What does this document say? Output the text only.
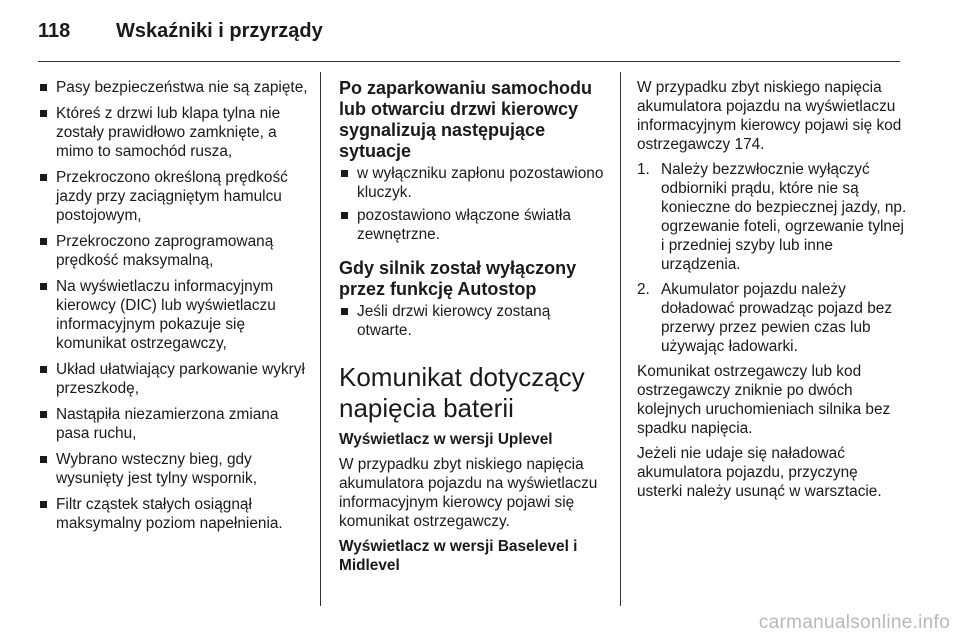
118	Wskaźniki i przyrządy
Pasy bezpieczeństwa nie są zapięte,
Któreś z drzwi lub klapa tylna nie zostały prawidłowo zamknięte, a mimo to samochód rusza,
Przekroczono określoną prędkość jazdy przy zaciągniętym hamulcu postojowym,
Przekroczono zaprogramowaną prędkość maksymalną,
Na wyświetlaczu informacyjnym kierowcy (DIC) lub wyświetlaczu informacyjnym pokazuje się komunikat ostrzegawczy,
Układ ułatwiający parkowanie wykrył przeszkodę,
Nastąpiła niezamierzona zmiana pasa ruchu,
Wybrano wsteczny bieg, gdy wysunięty jest tylny wspornik,
Filtr cząstek stałych osiągnął maksymalny poziom napełnienia.
Po zaparkowaniu samochodu lub otwarciu drzwi kierowcy sygnalizują następujące sytuacje
w wyłączniku zapłonu pozostawiono kluczyk.
pozostawiono włączone światła zewnętrzne.
Gdy silnik został wyłączony przez funkcję Autostop
Jeśli drzwi kierowcy zostaną otwarte.
Komunikat dotyczący napięcia baterii
Wyświetlacz w wersji Uplevel

W przypadku zbyt niskiego napięcia akumulatora pojazdu na wyświetlaczu informacyjnym kierowcy pojawi się komunikat ostrzegawczy.

Wyświetlacz w wersji Baselevel i Midlevel

W przypadku zbyt niskiego napięcia akumulatora pojazdu na wyświetlaczu informacyjnym kierowcy pojawi się kod ostrzegawczy 174.

1. Należy bezzwłocznie wyłączyć odbiorniki prądu, które nie są konieczne do bezpiecznej jazdy, np. ogrzewanie foteli, ogrzewanie tylnej i przedniej szyby lub inne urządzenia.
2. Akumulator pojazdu należy doładować prowadząc pojazd bez przerwy przez pewien czas lub używając ładowarki.

Komunikat ostrzegawczy lub kod ostrzegawczy zniknie po dwóch kolejnych uruchomieniach silnika bez spadku napięcia.

Jeżeli nie udaje się naładować akumulatora pojazdu, przyczynę usterki należy usunąć w warsztacie.

carmanualsonline.info
